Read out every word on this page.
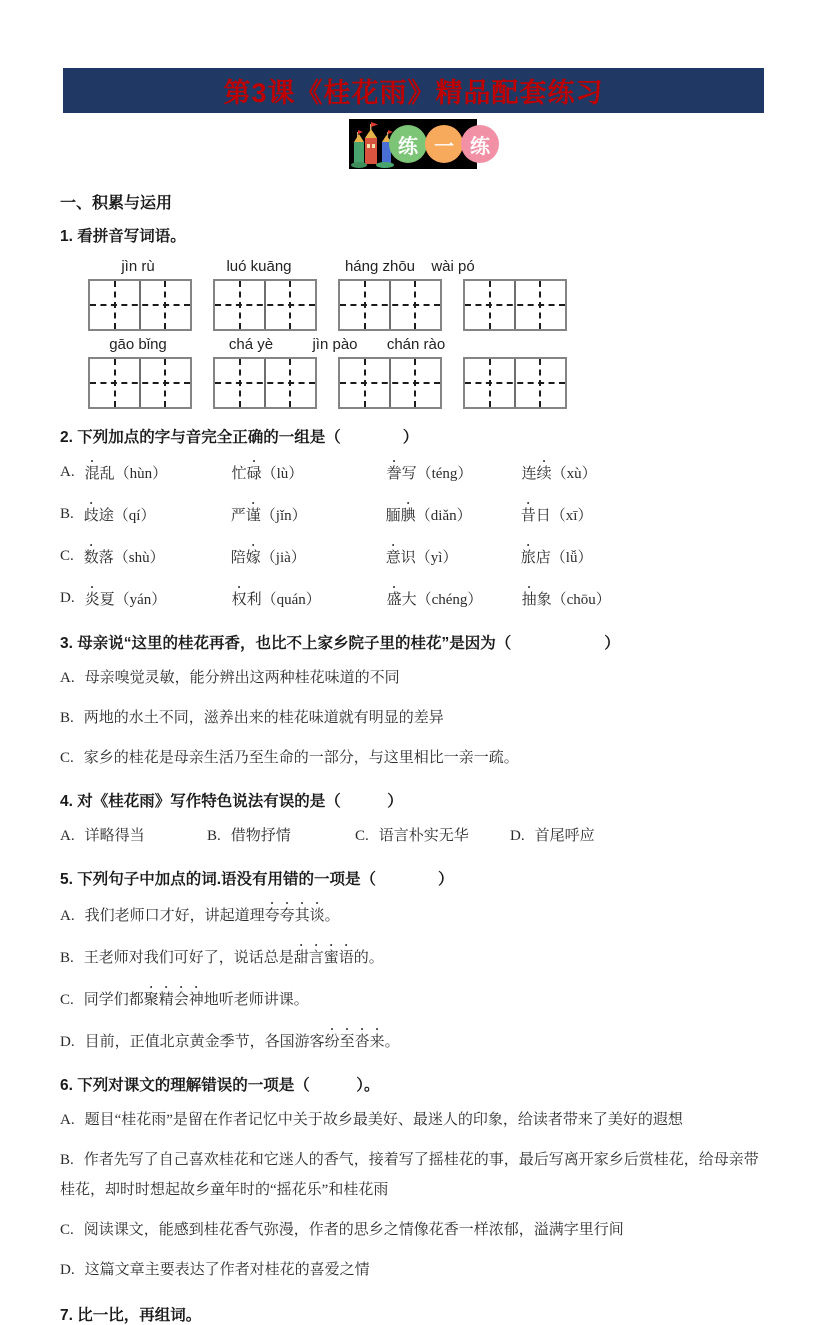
第3课《桂花雨》精品配套练习
练 一 练
一、积累与运用
1. 看拼音写词语。
jìn rù	luó kuāng	háng zhōu	wài pó
gāo bǐng	chá yè	jìn pào	chán rào
2. 下列加点的字与音完全正确的一组是（　　　　）
A. 混乱（hùn）	忙碌（lù）	誊写（téng）	连续（xù）
B. 歧途（qí）	严谨（jǐn）	腼腆（diǎn）	昔日（xī）
C. 数落（shù）	陪嫁（jià）	意识（yì）	旅店（lǚ）
D. 炎夏（yán）	权利（quán）	盛大（chéng）	抽象（chōu）
3. 母亲说“这里的桂花再香，也比不上家乡院子里的桂花”是因为（　　　　　　）
A. 母亲嗅觉灵敏，能分辨出这两种桂花味道的不同
B. 两地的水土不同，滋养出来的桂花味道就有明显的差异
C. 家乡的桂花是母亲生活乃至生命的一部分，与这里相比一亲一疏。
4. 对《桂花雨》写作特色说法有误的是（　　　）
A. 详略得当	B. 借物抒情	C. 语言朴实无华	D. 首尾呼应
5. 下列句子中加点的词.语没有用错的一项是（　　　　）
A. 我们老师口才好，讲起道理夸夸其谈。
B. 王老师对我们可好了，说话总是甜言蜜语的。
C. 同学们都聚精会神地听老师讲课。
D. 目前，正值北京黄金季节，各国游客纷至沓来。
6. 下列对课文的理解错误的一项是（　　　）。
A. 题目“桂花雨”是留在作者记忆中关于故乡最美好、最迷人的印象，给读者带来了美好的遐想
B. 作者先写了自己喜欢桂花和它迷人的香气，接着写了摇桂花的事，最后写离开家乡后赏桂花，给母亲带桂花，却时时想起故乡童年时的“摇花乐”和桂花雨
C. 阅读课文，能感到桂花香气弥漫，作者的思乡之情像花香一样浓郁，溢满字里行间
D. 这篇文章主要表达了作者对桂花的喜爱之情
7. 比一比，再组词。
